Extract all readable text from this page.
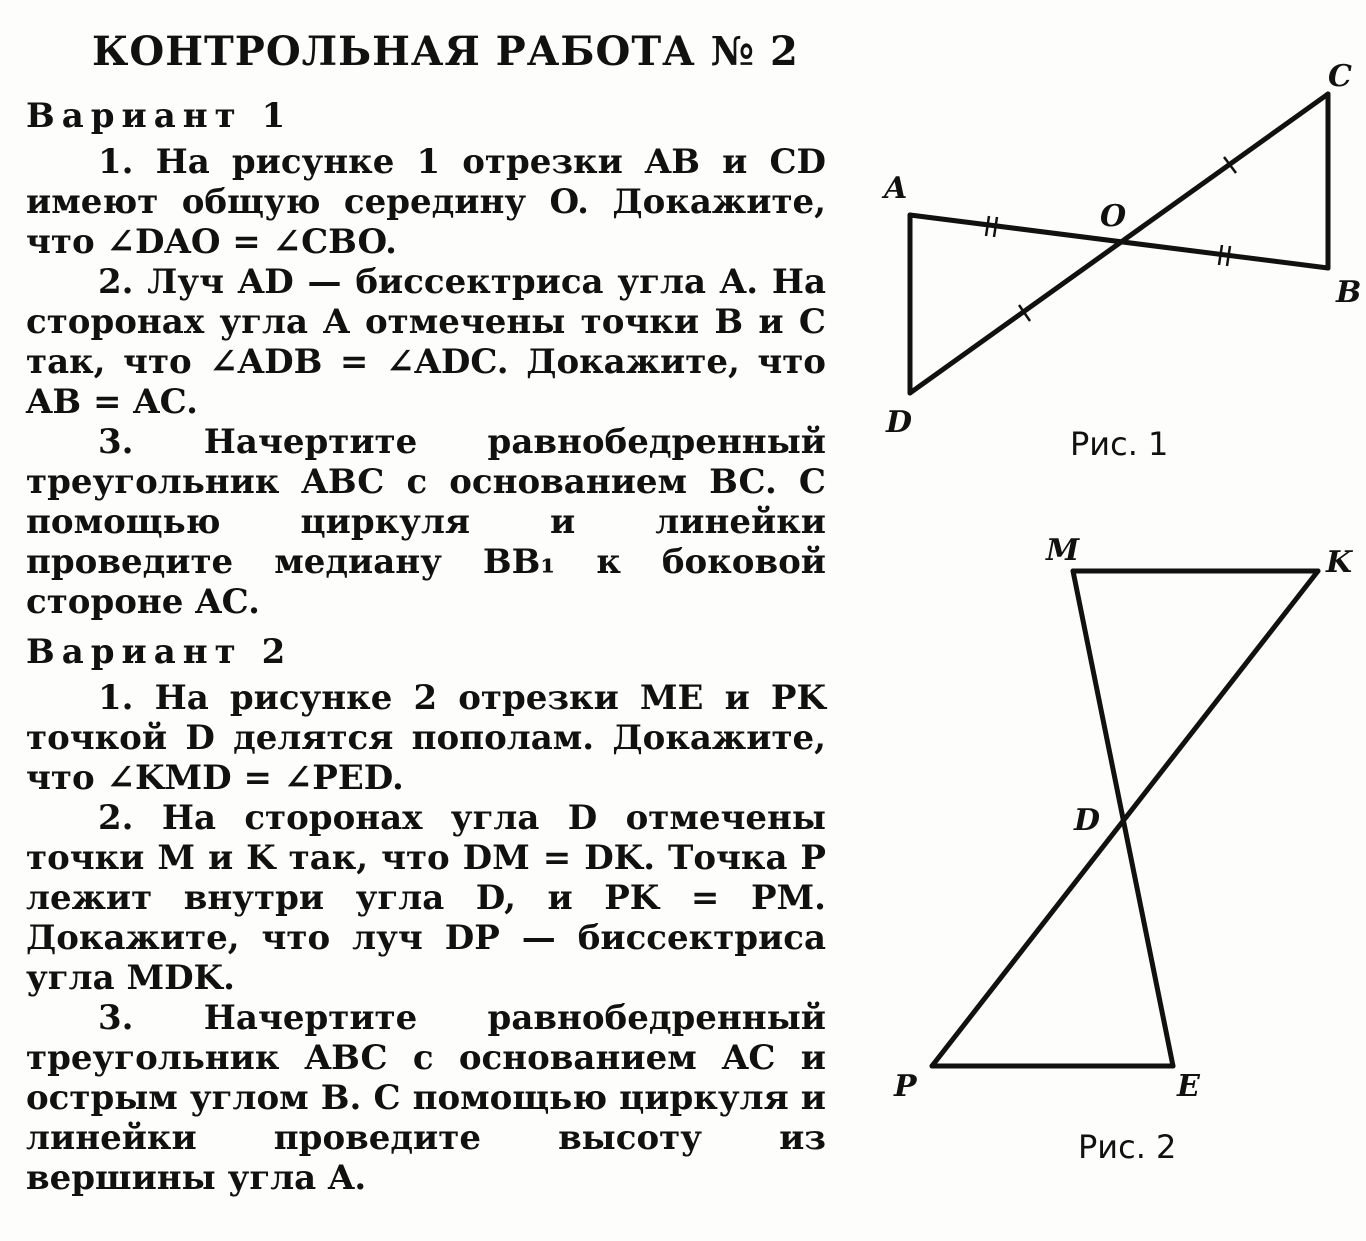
КОНТРОЛЬНАЯ РАБОТА № 2
Вариант 1

1. На рисунке 1 отрезки AB и CD имеют общую середину O. Докажите, что ∠DAO = ∠CBO.

2. Луч AD — биссектриса угла A. На сторонах угла A отмечены точки B и C так, что ∠ADB = ∠ADC. Докажите, что AB = AC.

3. Начертите равнобедренный треугольник ABC с основанием BC. С помощью циркуля и линейки проведите медиану BB₁ к боковой стороне AC.

Вариант 2

1. На рисунке 2 отрезки ME и PK точкой D делятся пополам. Докажите, что ∠KMD = ∠PED.

2. На сторонах угла D отмечены точки M и K так, что DM = DK. Точка P лежит внутри угла D, и PK = PM. Докажите, что луч DP — биссектриса угла MDK.

3. Начертите равнобедренный треугольник ABC с основанием AC и острым углом B. С помощью циркуля и линейки проведите высоту из вершины угла A.

A
B
C
D
O
M	K
D
P	E
Рис. 1
Рис. 2
